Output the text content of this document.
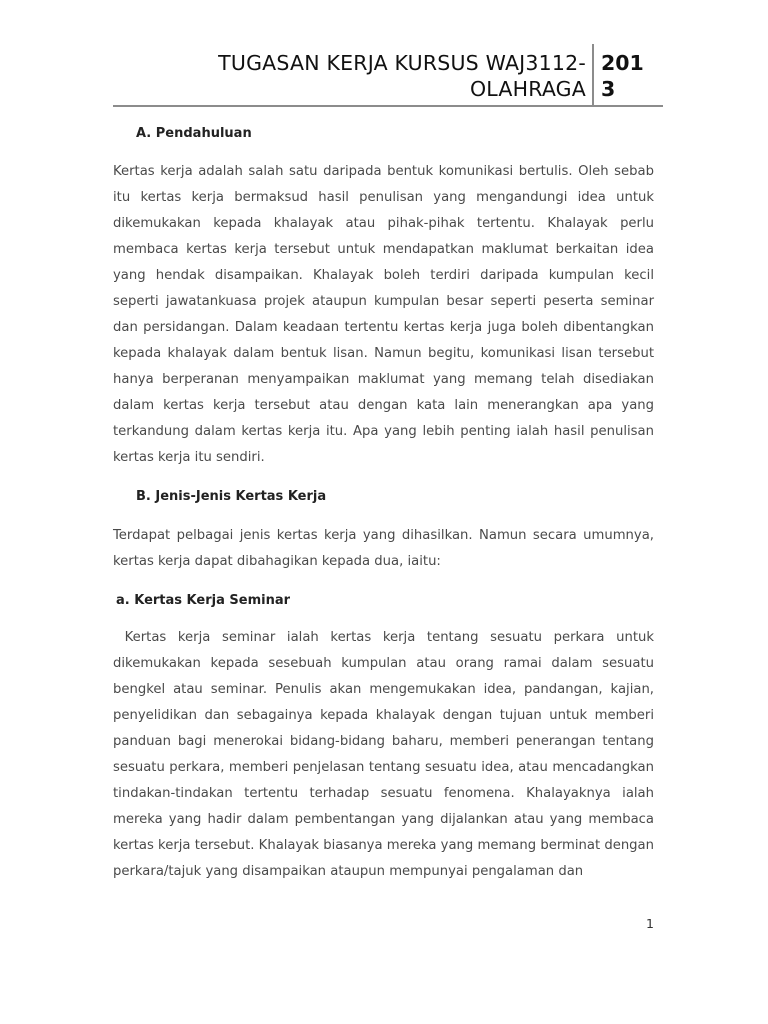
TUGASAN KERJA KURSUS WAJ3112-
OLAHRAGA
2013
A. Pendahuluan
Kertas kerja adalah salah satu daripada bentuk komunikasi bertulis. Oleh sebab itu kertas kerja bermaksud hasil penulisan yang mengandungi idea untuk dikemukakan kepada khalayak atau pihak-pihak tertentu. Khalayak perlu membaca kertas kerja tersebut untuk mendapatkan maklumat berkaitan idea yang hendak disampaikan. Khalayak boleh terdiri daripada kumpulan kecil seperti jawatankuasa projek ataupun kumpulan besar seperti peserta seminar dan persidangan. Dalam keadaan tertentu kertas kerja juga boleh dibentangkan kepada khalayak dalam bentuk lisan. Namun begitu, komunikasi lisan tersebut hanya berperanan menyampaikan maklumat yang memang telah disediakan dalam kertas kerja tersebut atau dengan kata lain menerangkan apa yang terkandung dalam kertas kerja itu. Apa yang lebih penting ialah hasil penulisan kertas kerja itu sendiri.
B. Jenis-Jenis Kertas Kerja
Terdapat pelbagai jenis kertas kerja yang dihasilkan. Namun secara umumnya, kertas kerja dapat dibahagikan kepada dua, iaitu:
a. Kertas Kerja Seminar
Kertas kerja seminar ialah kertas kerja tentang sesuatu perkara untuk dikemukakan kepada sesebuah kumpulan atau orang ramai dalam sesuatu bengkel atau seminar. Penulis akan mengemukakan idea, pandangan, kajian, penyelidikan dan sebagainya kepada khalayak dengan tujuan untuk memberi panduan bagi menerokai bidang-bidang baharu, memberi penerangan tentang sesuatu perkara, memberi penjelasan tentang sesuatu idea, atau mencadangkan tindakan-tindakan tertentu terhadap sesuatu fenomena. Khalayaknya ialah mereka yang hadir dalam pembentangan yang dijalankan atau yang membaca kertas kerja tersebut. Khalayak biasanya mereka yang memang berminat dengan perkara/tajuk yang disampaikan ataupun mempunyai pengalaman dan
1
